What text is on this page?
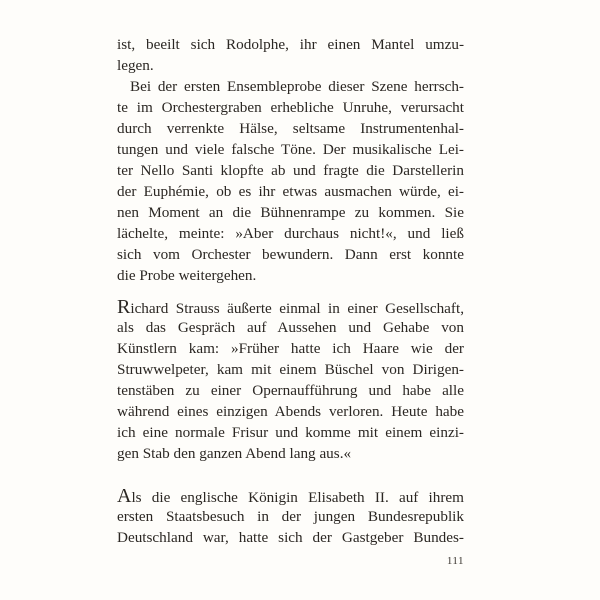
ist, beeilt sich Rodolphe, ihr einen Mantel umzu-
legen.
Bei der ersten Ensembleprobe dieser Szene herrsch-
te im Orchestergraben erhebliche Unruhe, verursacht
durch verrenkte Hälse, seltsame Instrumentenhal-
tungen und viele falsche Töne. Der musikalische Lei-
ter Nello Santi klopfte ab und fragte die Darstellerin
der Euphémie, ob es ihr etwas ausmachen würde, ei-
nen Moment an die Bühnenrampe zu kommen. Sie
lächelte, meinte: »Aber durchaus nicht!«, und ließ
sich vom Orchester bewundern. Dann erst konnte
die Probe weitergehen.
Richard Strauss äußerte einmal in einer Gesellschaft,
als das Gespräch auf Aussehen und Gehabe von
Künstlern kam: »Früher hatte ich Haare wie der
Struwwelpeter, kam mit einem Büschel von Dirigen-
tenstäben zu einer Opernaufführung und habe alle
während eines einzigen Abends verloren. Heute habe
ich eine normale Frisur und komme mit einem einzi-
gen Stab den ganzen Abend lang aus.«
Als die englische Königin Elisabeth II. auf ihrem
ersten Staatsbesuch in der jungen Bundesrepublik
Deutschland war, hatte sich der Gastgeber Bundes-
111
